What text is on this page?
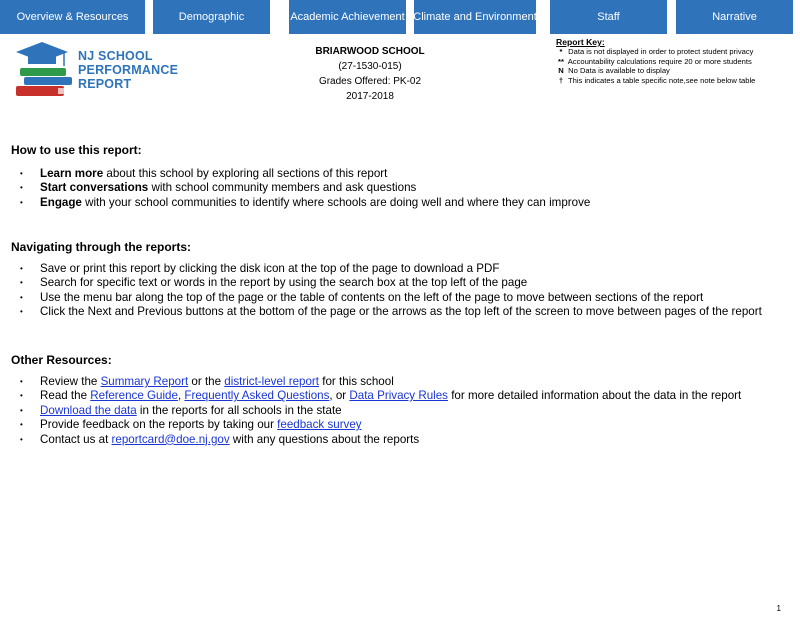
Overview & Resources	Demographic	Academic Achievement Climate and Environment	Staff	Narrative
NJ SCHOOL
PERFORMANCE
REPORT
BRIARWOOD SCHOOL
(27-1530-015)
Grades Offered: PK-02
2017-2018
Report Key:
* Data is not displayed in order to protect student privacy
** Accountability calculations require 20 or more students
N No Data is available to display
† This indicates a table specific note,see note below table
How to use this report:
• Learn more about this school by exploring all sections of this report
• Start conversations with school community members and ask questions
• Engage with your school communities to identify where schools are doing well and where they can improve
Navigating through the reports:
• Save or print this report by clicking the disk icon at the top of the page to download a PDF
• Search for specific text or words in the report by using the search box at the top left of the page
• Use the menu bar along the top of the page or the table of contents on the left of the page to move between sections of the report
• Click the Next and Previous buttons at the bottom of the page or the arrows as the top left of the screen to move between pages of the report
Other Resources:
• Review the Summary Report or the district-level report for this school
• Read the Reference Guide, Frequently Asked Questions, or Data Privacy Rules for more detailed information about the data in the report
• Download the data in the reports for all schools in the state
• Provide feedback on the reports by taking our feedback survey
• Contact us at reportcard@doe.nj.gov with any questions about the reports
1
